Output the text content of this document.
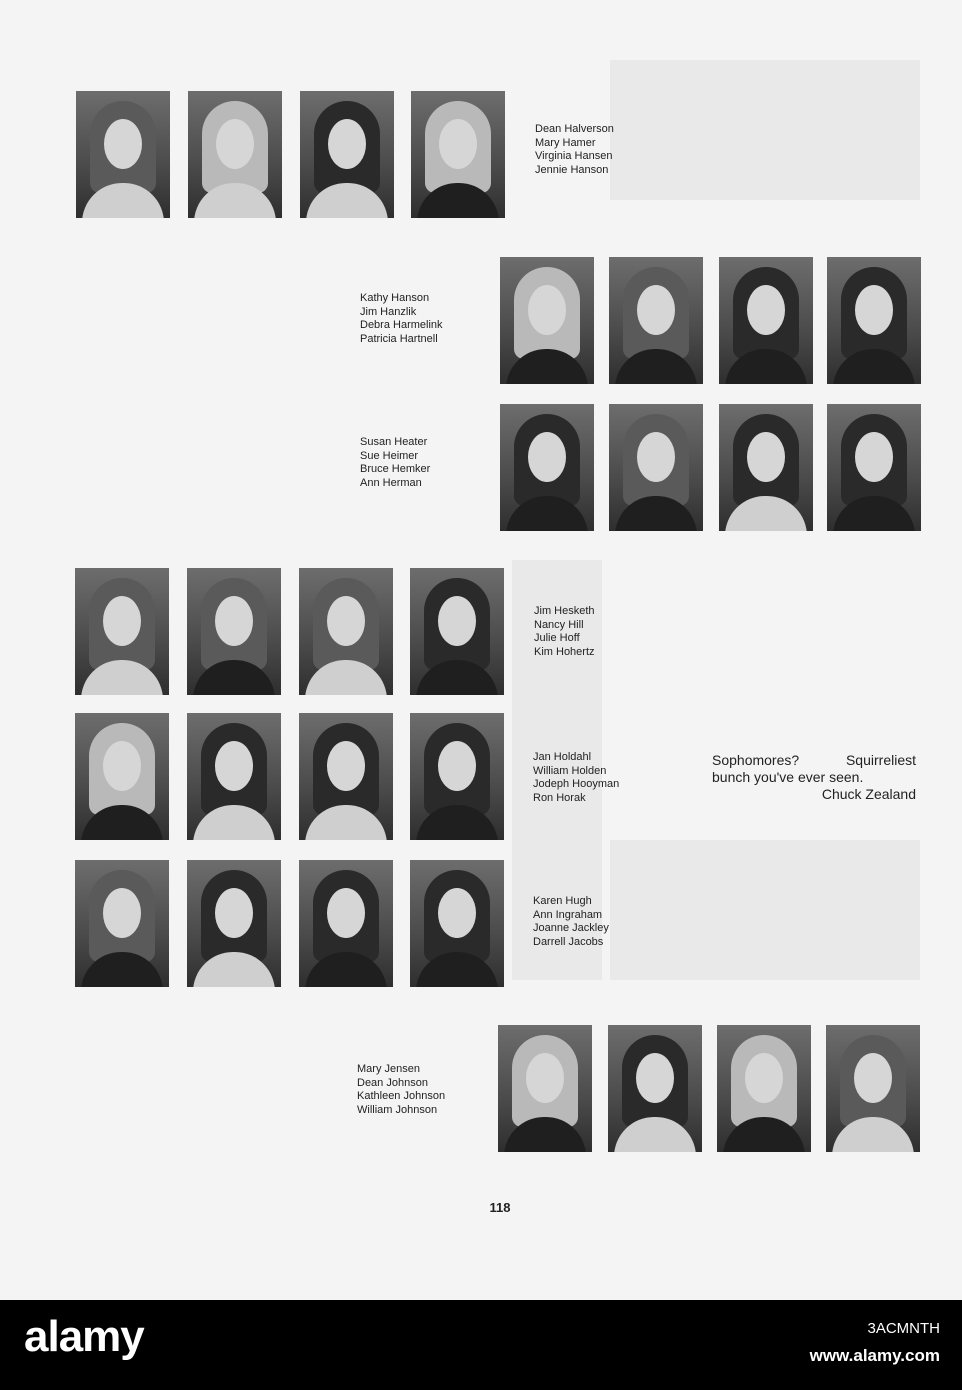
Dean Halverson
Mary Hamer
Virginia Hansen
Jennie Hanson
Kathy Hanson
Jim Hanzlik
Debra Harmelink
Patricia Hartnell
Susan Heater
Sue Heimer
Bruce Hemker
Ann Herman
Jim Hesketh
Nancy Hill
Julie Hoff
Kim Hohertz
Jan Holdahl
William Holden
Jodeph Hooyman
Ron Horak
Sophomores?	Squirreliest
bunch you've ever seen.
Chuck Zealand
Karen Hugh
Ann Ingraham
Joanne Jackley
Darrell Jacobs
Mary Jensen
Dean Johnson
Kathleen Johnson
William Johnson
118
alamy	3ACMNTH
www.alamy.com
